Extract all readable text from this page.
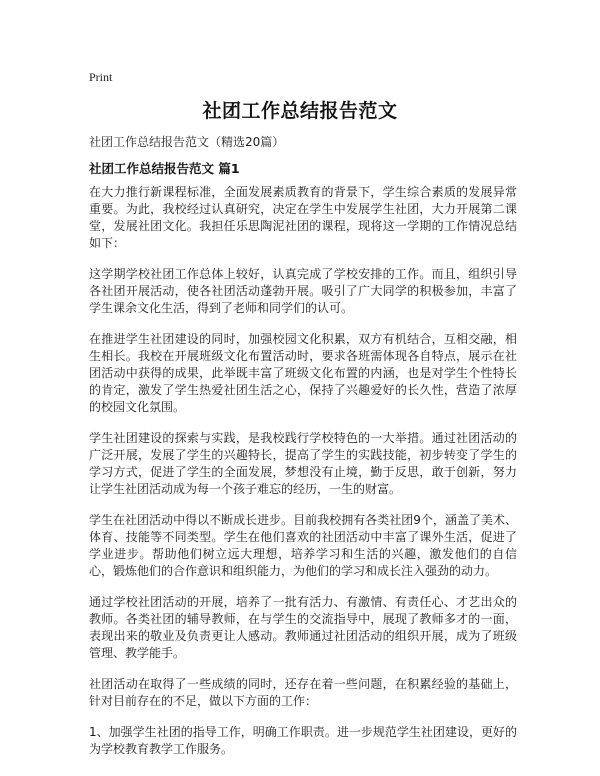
Print
社团工作总结报告范文
社团工作总结报告范文（精选20篇）
社团工作总结报告范文 篇1

在大力推行新课程标准，全面发展素质教育的背景下，学生综合素质的发展异常重要。为此，我校经过认真研究，决定在学生中发展学生社团，大力开展第二课堂，发展社团文化。我担任乐思陶泥社团的课程，现将这一学期的工作情况总结如下：

这学期学校社团工作总体上较好，认真完成了学校安排的工作。而且，组织引导各社团开展活动，使各社团活动蓬勃开展。吸引了广大同学的积极参加，丰富了学生课余文化生活，得到了老师和同学们的认可。

在推进学生社团建设的同时，加强校园文化积累，双方有机结合，互相交融，相生相长。我校在开展班级文化布置活动时，要求各班需体现各自特点，展示在社团活动中获得的成果，此举既丰富了班级文化布置的内涵，也是对学生个性特长的肯定，激发了学生热爱社团生活之心，保持了兴趣爱好的长久性，营造了浓厚的校园文化氛围。

学生社团建设的探索与实践，是我校践行学校特色的一大举措。通过社团活动的广泛开展，发展了学生的兴趣特长，提高了学生的实践技能，初步转变了学生的学习方式，促进了学生的全面发展，梦想没有止境，勤于反思，敢于创新，努力让学生社团活动成为每一个孩子难忘的经历，一生的财富。

学生在社团活动中得以不断成长进步。目前我校拥有各类社团9个，涵盖了美术、体育、技能等不同类型。学生在他们喜欢的社团活动中丰富了课外生活，促进了学业进步。帮助他们树立远大理想，培养学习和生活的兴趣，激发他们的自信心，锻炼他们的合作意识和组织能力，为他们的学习和成长注入强劲的动力。

通过学校社团活动的开展，培养了一批有活力、有激情、有责任心、才艺出众的教师。各类社团的辅导教师，在与学生的交流指导中，展现了教师多才的一面，表现出来的敬业及负责更让人感动。教师通过社团活动的组织开展，成为了班级管理、教学能手。

社团活动在取得了一些成绩的同时，还存在着一些问题，在积累经验的基础上，针对目前存在的不足，做以下方面的工作：

1、加强学生社团的指导工作，明确工作职责。进一步规范学生社团建设，更好的为学校教育教学工作服务。
